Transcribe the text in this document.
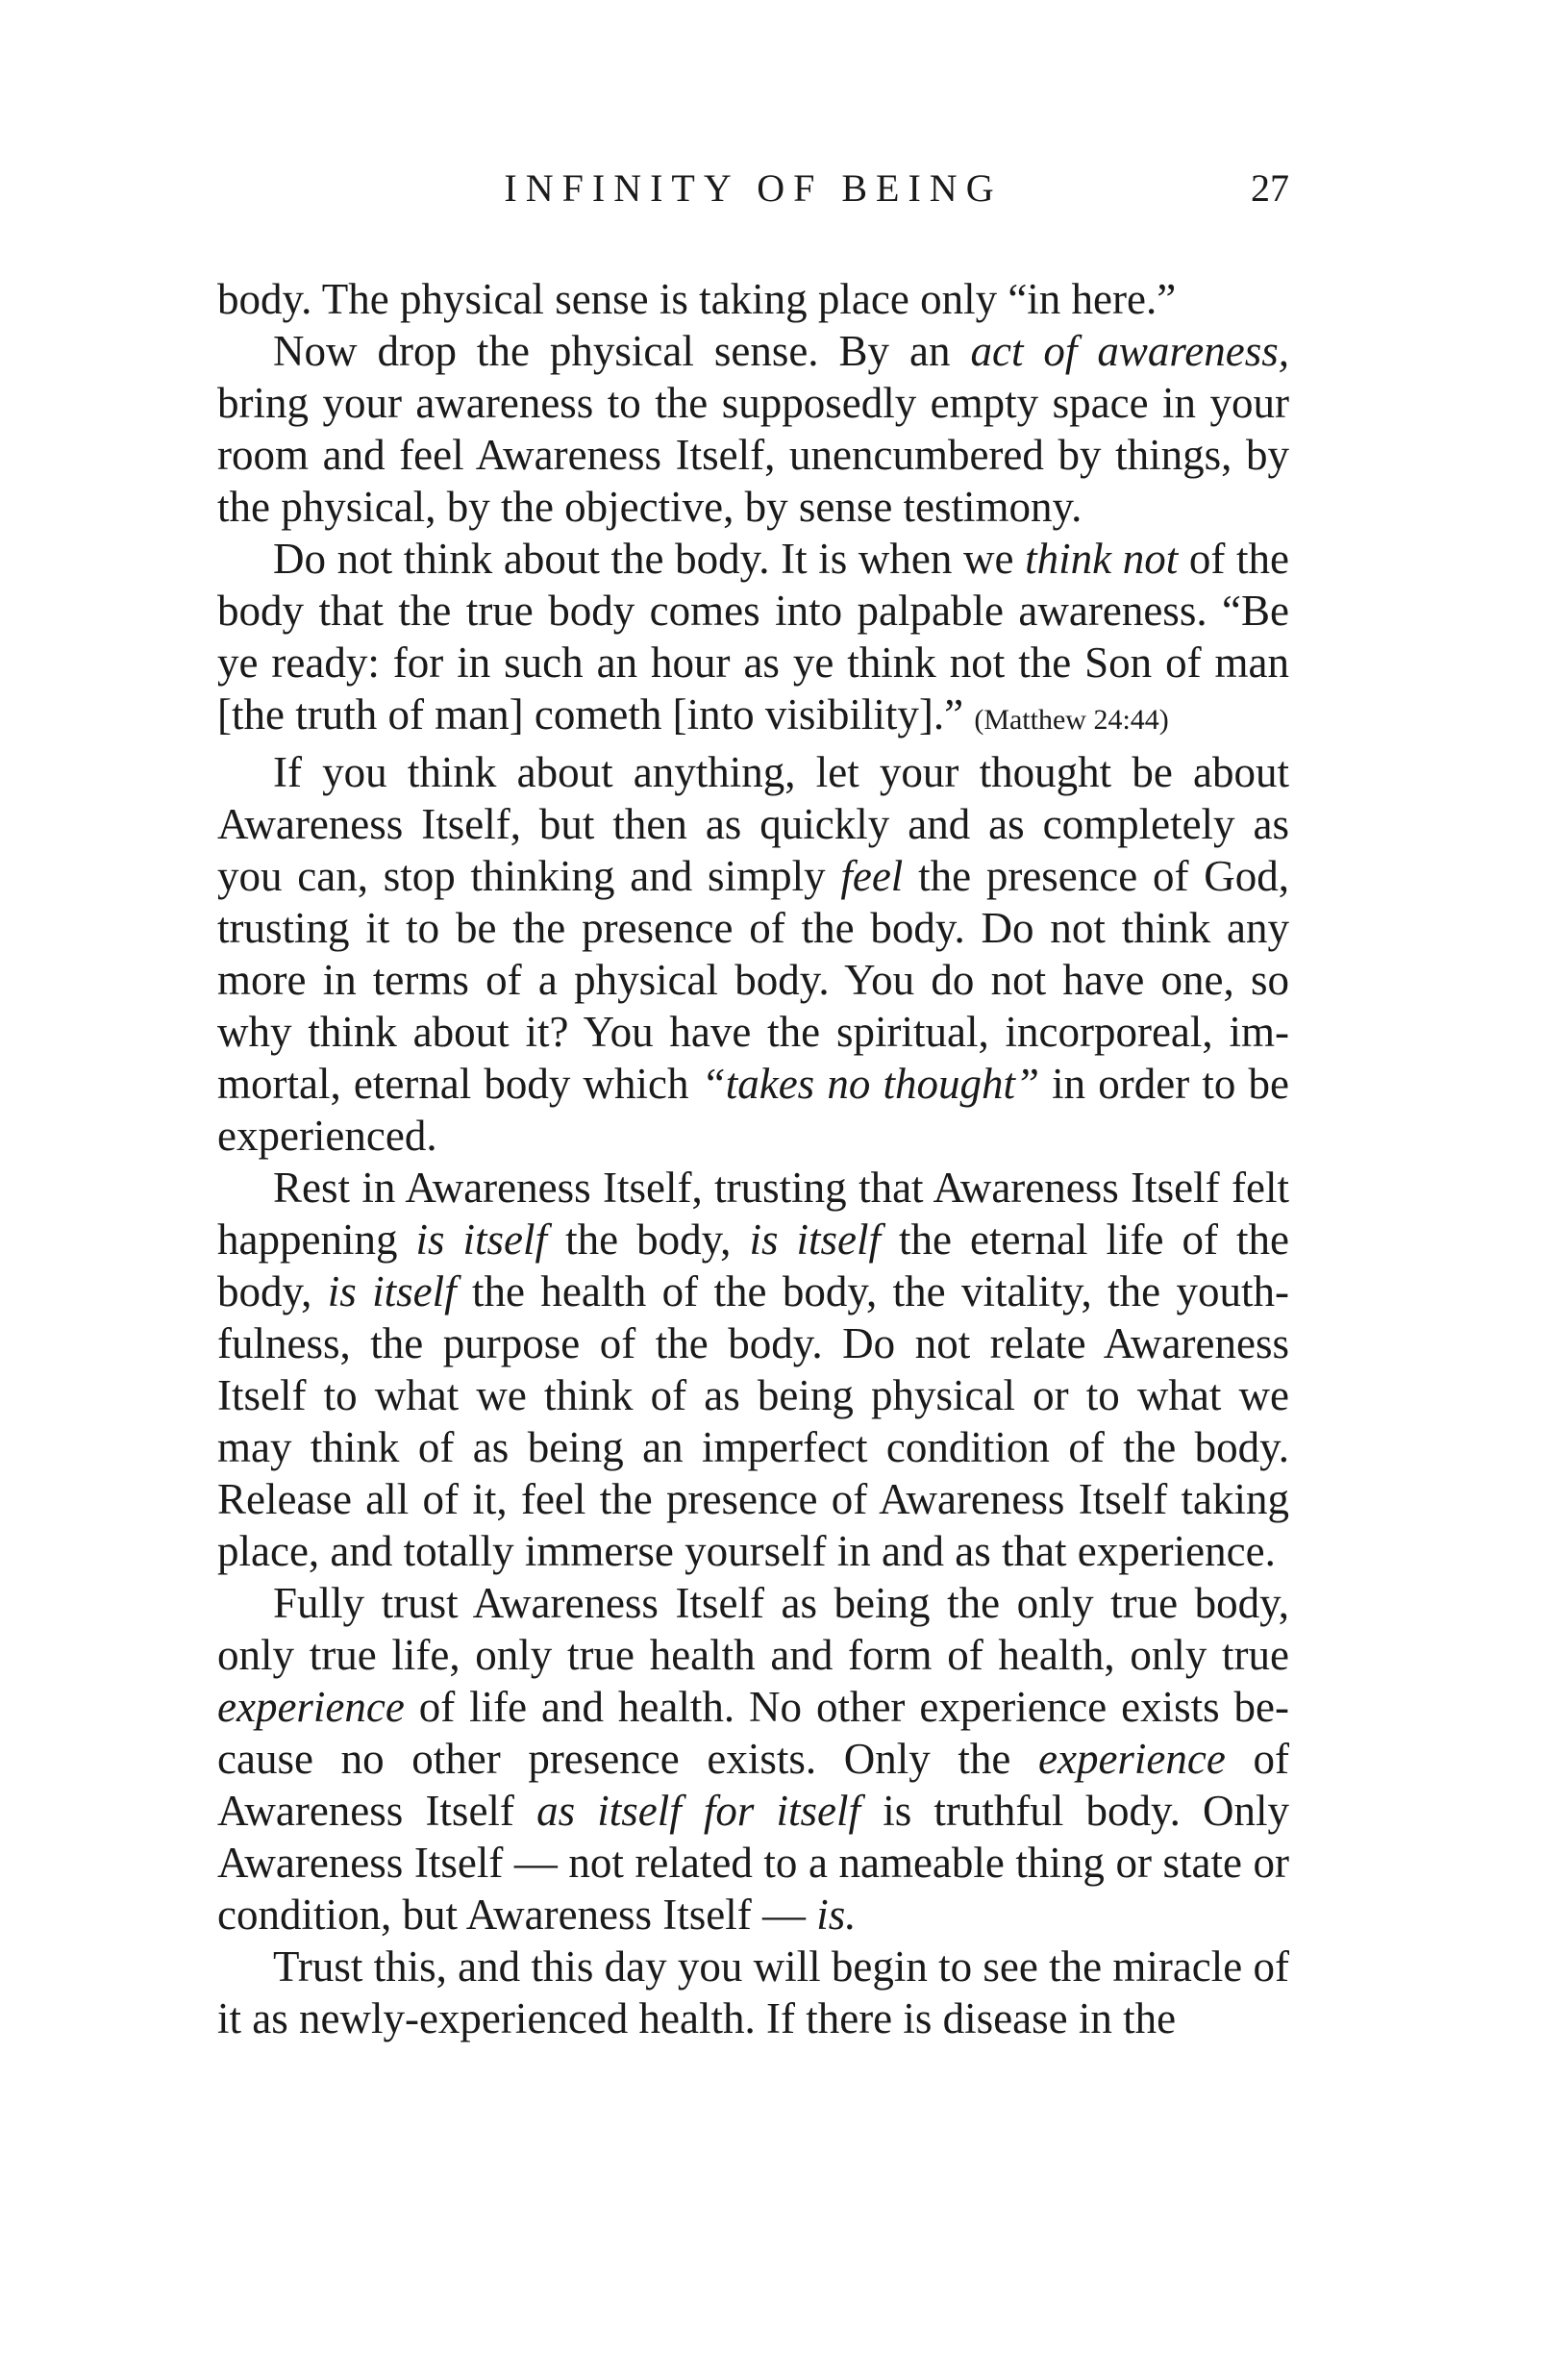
INFINITY OF BEING	27

body. The physical sense is taking place only “in here.”

Now drop the physical sense. By an act of awareness, bring your awareness to the supposedly empty space in your room and feel Awareness Itself, unencumbered by things, by the physical, by the objective, by sense testimony.

Do not think about the body. It is when we think not of the body that the true body comes into palpable awareness. “Be ye ready: for in such an hour as ye think not the Son of man [the truth of man] cometh [into visibility].” (Matthew 24:44)

If you think about anything, let your thought be about Awareness Itself, but then as quickly and as completely as you can, stop thinking and simply feel the presence of God, trusting it to be the presence of the body. Do not think any more in terms of a physical body. You do not have one, so why think about it? You have the spiritual, incorporeal, immortal, eternal body which “takes no thought” in order to be experienced.

Rest in Awareness Itself, trusting that Awareness Itself felt happening is itself the body, is itself the eternal life of the body, is itself the health of the body, the vitality, the youthfulness, the purpose of the body. Do not relate Awareness Itself to what we think of as being physical or to what we may think of as being an imperfect condition of the body. Release all of it, feel the presence of Awareness Itself taking place, and totally immerse yourself in and as that experience.

Fully trust Awareness Itself as being the only true body, only true life, only true health and form of health, only true experience of life and health. No other experience exists because no other presence exists. Only the experience of Awareness Itself as itself for itself is truthful body. Only Awareness Itself — not related to a nameable thing or state or condition, but Awareness Itself — is.

Trust this, and this day you will begin to see the miracle of it as newly-experienced health. If there is disease in the
